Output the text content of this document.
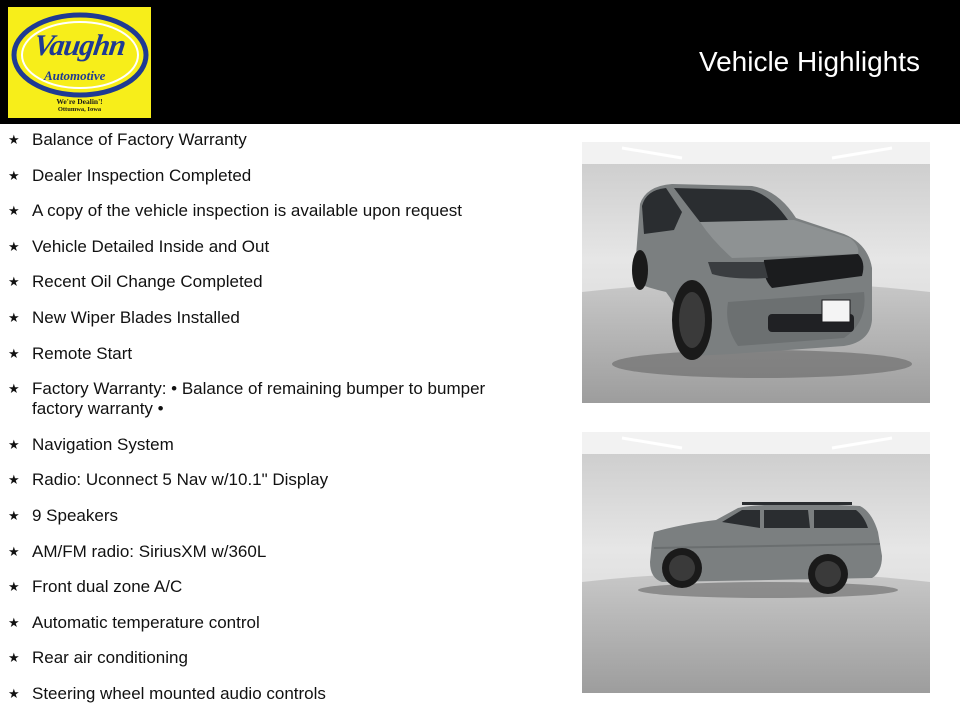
Vaughn
Automotive
We're Dealin'!
Ottumwa, Iowa
Vehicle Highlights
★ Balance of Factory Warranty
★ Dealer Inspection Completed
★ A copy of the vehicle inspection is available upon request
★ Vehicle Detailed Inside and Out
★ Recent Oil Change Completed
★ New Wiper Blades Installed
★ Remote Start
★ Factory Warranty: • Balance of remaining bumper to bumper factory warranty •
★ Navigation System
★ Radio: Uconnect 5 Nav w/10.1" Display
★ 9 Speakers
★ AM/FM radio: SiriusXM w/360L
★ Front dual zone A/C
★ Automatic temperature control
★ Rear air conditioning
★ Steering wheel mounted audio controls
